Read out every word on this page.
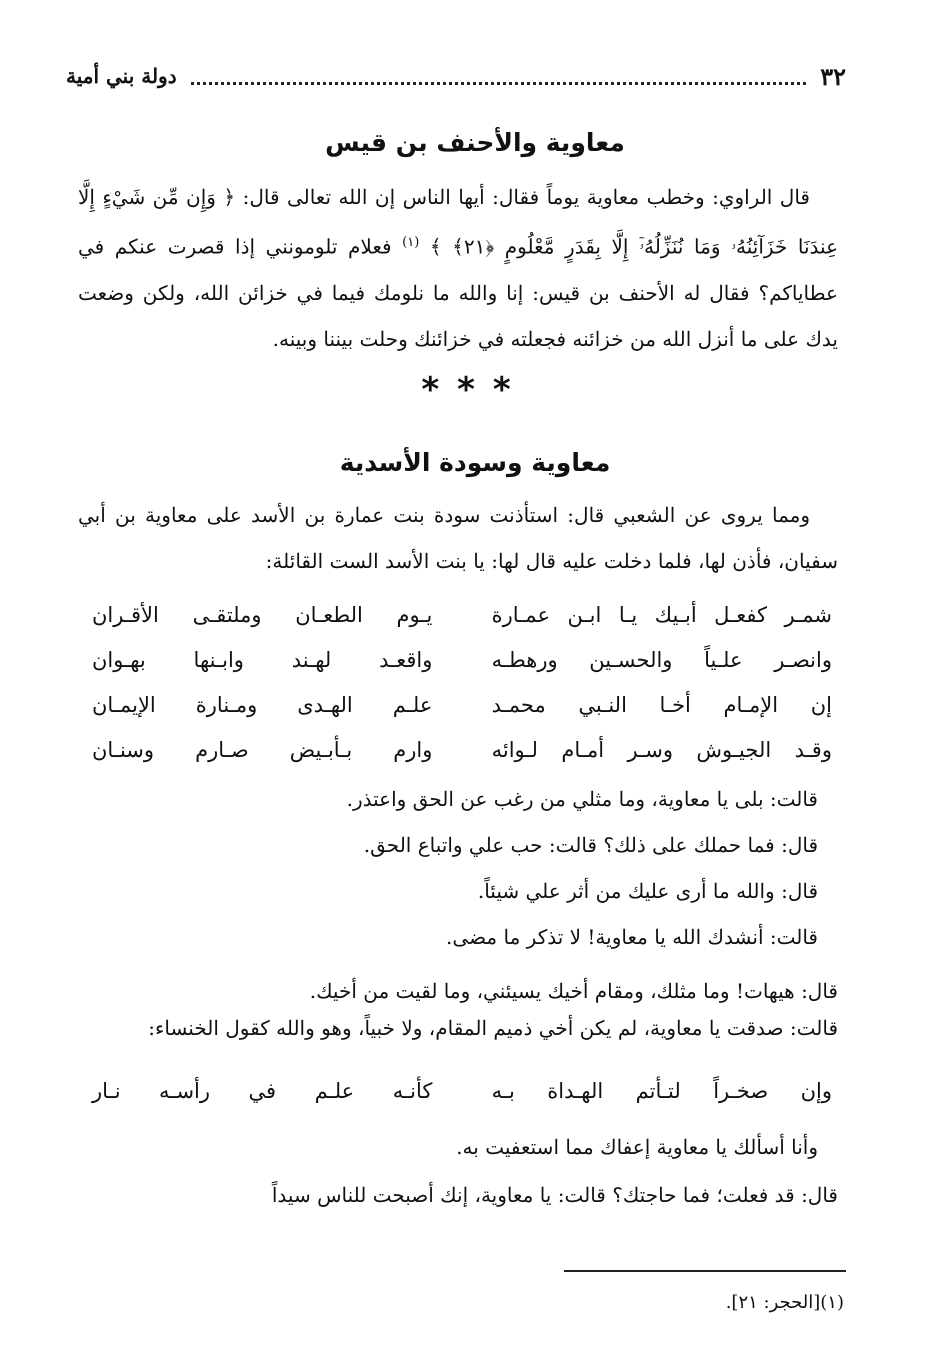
٣٢
دولة بني أمية
معاوية والأحنف بن قيس

قال الراوي: وخطب معاوية يوماً فقال: أيها الناس إن الله تعالى قال: ﴿ وَإِن مِّن شَيْءٍ إِلَّا عِندَنَا خَزَآئِنُهُۥ وَمَا نُنَزِّلُهُۥٓ إِلَّا بِقَدَرٍ مَّعْلُومٍ ﴿٢١﴾ ﴾ $^{(١)}$ فعلام تلومونني إذا قصرت عنكم في عطاياكم؟ فقال له الأحنف بن قيس: إنا والله ما نلومك فيما في خزائن الله، ولكن وضعت يدك على ما أنزل الله من خزائنه فجعلته في خزائنك وحلت بيننا وبينه.

***
معاوية وسودة الأسدية

ومما يروى عن الشعبي قال: استأذنت سودة بنت عمارة بن الأسد على معاوية بن أبي سفيان، فأذن لها، فلما دخلت عليه قال لها: يا بنت الأسد الست القائلة:

شمـر كفعـل أبـيك يـا ابـن عمـارة
يـوم الطعـان وملتقـى الأقـران
وانصـر علـياً والحسـين ورهطـه
واقعـد لهـند وابـنها بهـوان
إن الإمـام أخـا النـبي محمـد
علـم الهـدى ومـنارة الإيمـان
وقـد الجيـوش وسـر أمـام لـوائه
وارم بـأبـيض صـارم وسنـان
قالت: بلى يا معاوية، وما مثلي من رغب عن الحق واعتذر.
قال: فما حملك على ذلك؟ قالت: حب علي واتباع الحق.
قال: والله ما أرى عليك من أثر علي شيئاً.
قالت: أنشدك الله يا معاوية! لا تذكر ما مضى.
قال: هيهات! وما مثلك، ومقام أخيك يسيئني، وما لقيت من أخيك.
قالت: صدقت يا معاوية، لم يكن أخي ذميم المقام، ولا خبياً، وهو والله كقول الخنساء:
وإن صخـراً لتـأتم الهـداة بـه
كأنـه علـم في رأسـه نـار
وأنا أسألك يا معاوية إعفاك مما استعفيت به.
قال: قد فعلت؛ فما حاجتك؟ قالت: يا معاوية، إنك أصبحت للناس سيداً
(١)[الحجر: ٢١].
